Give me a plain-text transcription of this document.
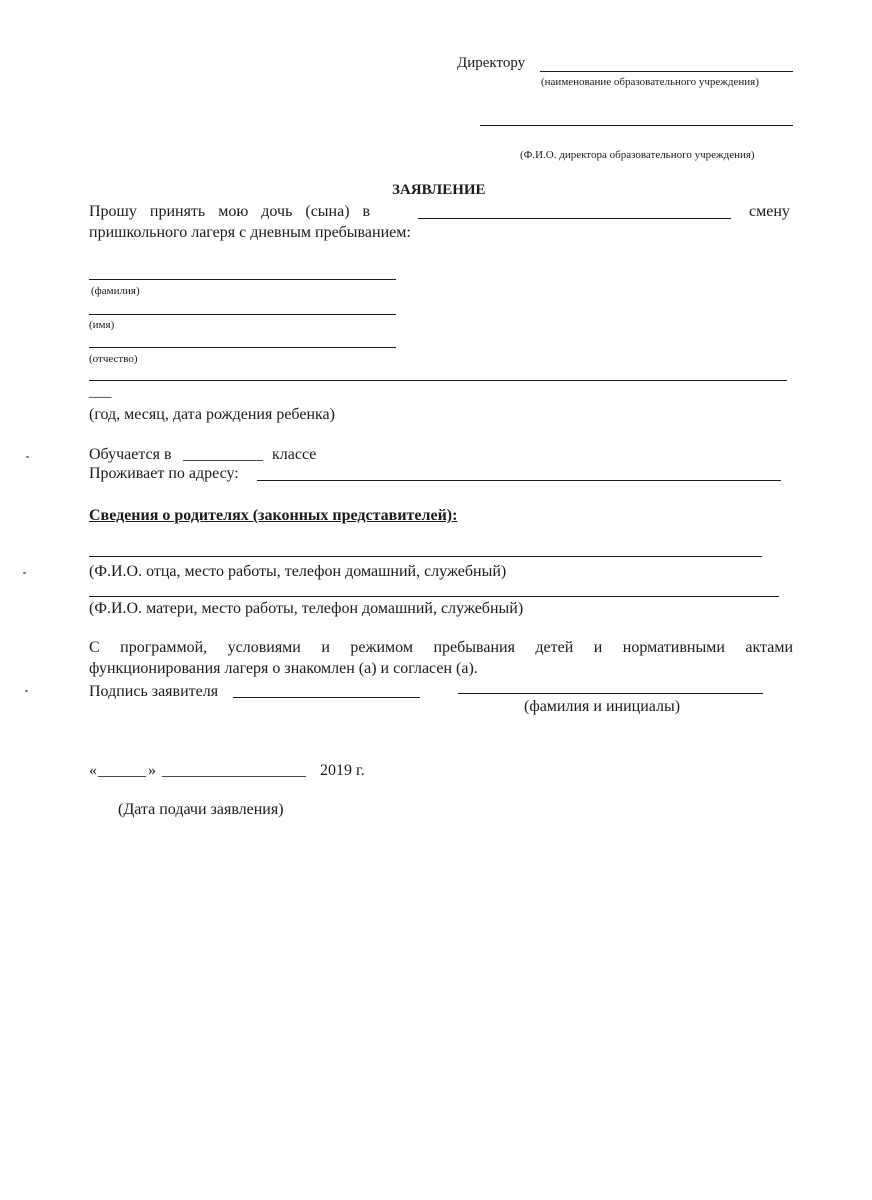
Директору
(наименование образовательного учреждения)
(Ф.И.О. директора образовательного учреждения)
ЗАЯВЛЕНИЕ
Прошу принять мою дочь (сына) в	смену
пришкольного лагеря с дневным пребыванием:
(фамилия)
(имя)
(отчество)
___
(год, месяц, дата рождения ребенка)
Обучается в __________ классе
Проживает по адресу:
Сведения о родителях (законных представителей):
(Ф.И.О. отца, место работы, телефон домашний, служебный)
(Ф.И.О. матери, место работы, телефон домашний, служебный)
С программой, условиями и режимом пребывания детей и нормативными актами
функционирования лагеря о знакомлен (а) и согласен (а).
Подпись заявителя
(фамилия и инициалы)
« ______ » __________________ 2019 г.
(Дата подачи заявления)
